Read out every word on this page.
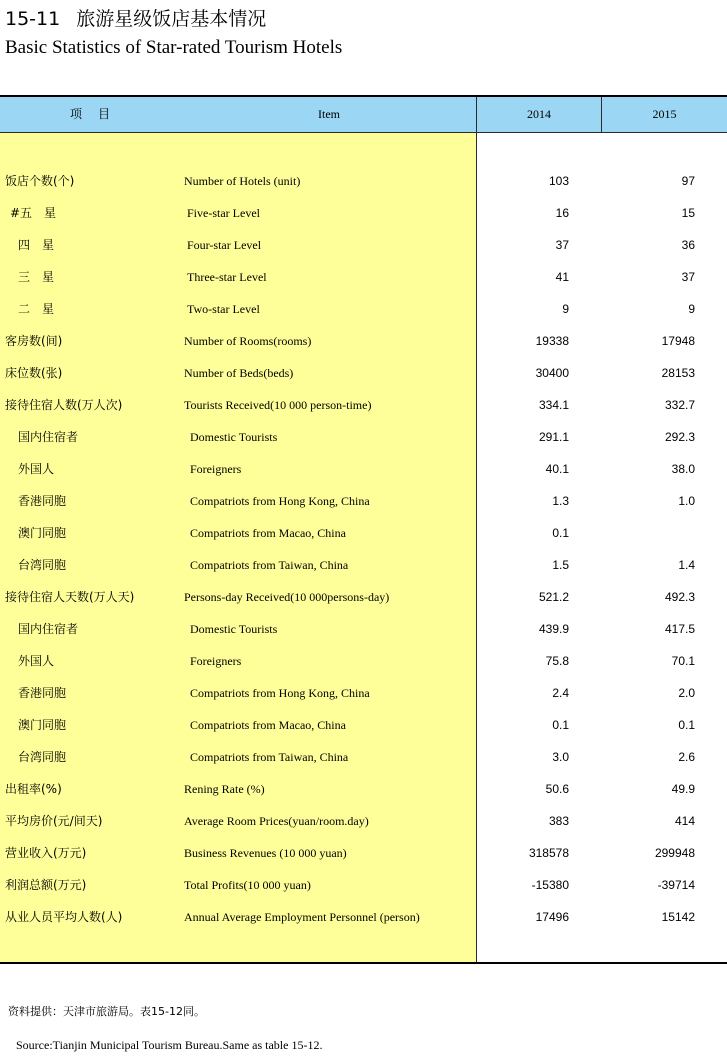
15-11 旅游星级饭店基本情况
Basic Statistics of Star-rated Tourism Hotels
项　目	Item	2014	2015
饭店个数(个)	Number of Hotels (unit)	103	97
#五　星	Five-star Level	16	15
四　星	Four-star Level	37	36
三　星	Three-star Level	41	37
二　星	Two-star Level	9	9
客房数(间)	Number of Rooms(rooms)	19338	17948
床位数(张)	Number of Beds(beds)	30400	28153
接待住宿人数(万人次)	Tourists Received(10 000 person-time)	334.1	332.7
国内住宿者	Domestic Tourists	291.1	292.3
外国人	Foreigners	40.1	38.0
香港同胞	Compatriots from Hong Kong, China	1.3	1.0
澳门同胞	Compatriots from Macao, China	0.1
台湾同胞	Compatriots from Taiwan, China	1.5	1.4
接待住宿人天数(万人天)	Persons-day Received(10 000persons-day)	521.2	492.3
国内住宿者	Domestic Tourists	439.9	417.5
外国人	Foreigners	75.8	70.1
香港同胞	Compatriots from Hong Kong, China	2.4	2.0
澳门同胞	Compatriots from Macao, China	0.1	0.1
台湾同胞	Compatriots from Taiwan, China	3.0	2.6
出租率(%)	Rening Rate (%)	50.6	49.9
平均房价(元/间天)	Average Room Prices(yuan/room.day)	383	414
营业收入(万元)	Business Revenues (10 000 yuan)	318578	299948
利润总额(万元)	Total Profits(10 000 yuan)	-15380	-39714
从业人员平均人数(人)	Annual Average Employment Personnel (person)	17496	15142
资料提供：天津市旅游局。表15-12同。
Source:Tianjin Municipal Tourism Bureau.Same as table 15-12.
